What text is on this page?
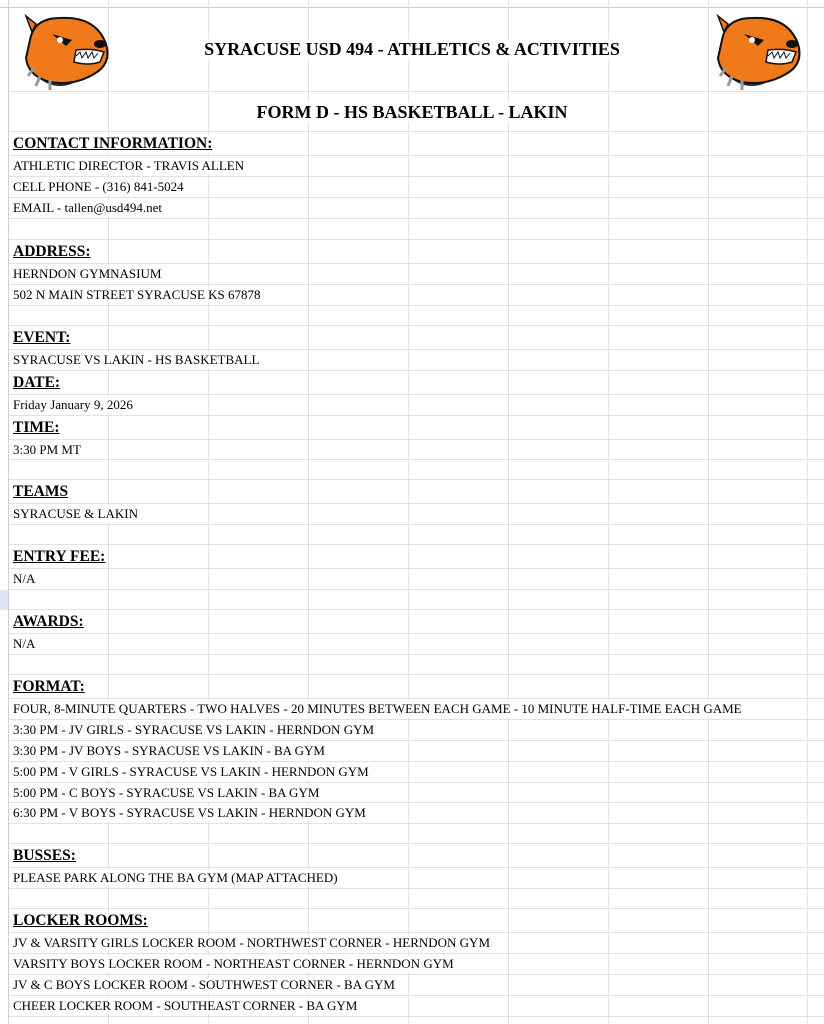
SYRACUSE USD 494 - ATHLETICS & ACTIVITIES
FORM D - HS BASKETBALL - LAKIN
CONTACT INFORMATION:
ATHLETIC DIRECTOR - TRAVIS ALLEN
CELL PHONE - (316) 841-5024
EMAIL - tallen@usd494.net
ADDRESS:
HERNDON GYMNASIUM
502 N MAIN STREET SYRACUSE KS 67878
EVENT:
SYRACUSE VS LAKIN - HS BASKETBALL
DATE:
Friday January 9, 2026
TIME:
3:30 PM MT
TEAMS
SYRACUSE & LAKIN
ENTRY FEE:
N/A
AWARDS:
N/A
FORMAT:
FOUR, 8-MINUTE QUARTERS - TWO HALVES - 20 MINUTES BETWEEN EACH GAME - 10 MINUTE HALF-TIME EACH GAME
3:30 PM - JV GIRLS - SYRACUSE VS LAKIN - HERNDON GYM
3:30 PM - JV BOYS - SYRACUSE VS LAKIN - BA GYM
5:00 PM - V GIRLS - SYRACUSE VS LAKIN - HERNDON GYM
5:00 PM - C BOYS - SYRACUSE VS LAKIN - BA GYM
6:30 PM - V BOYS - SYRACUSE VS LAKIN - HERNDON GYM
BUSSES:
PLEASE PARK ALONG THE BA GYM (MAP ATTACHED)
LOCKER ROOMS:
JV & VARSITY GIRLS LOCKER ROOM - NORTHWEST CORNER - HERNDON GYM
VARSITY BOYS LOCKER ROOM - NORTHEAST CORNER - HERNDON GYM
JV & C BOYS LOCKER ROOM - SOUTHWEST CORNER - BA GYM
CHEER LOCKER ROOM - SOUTHEAST CORNER - BA GYM
